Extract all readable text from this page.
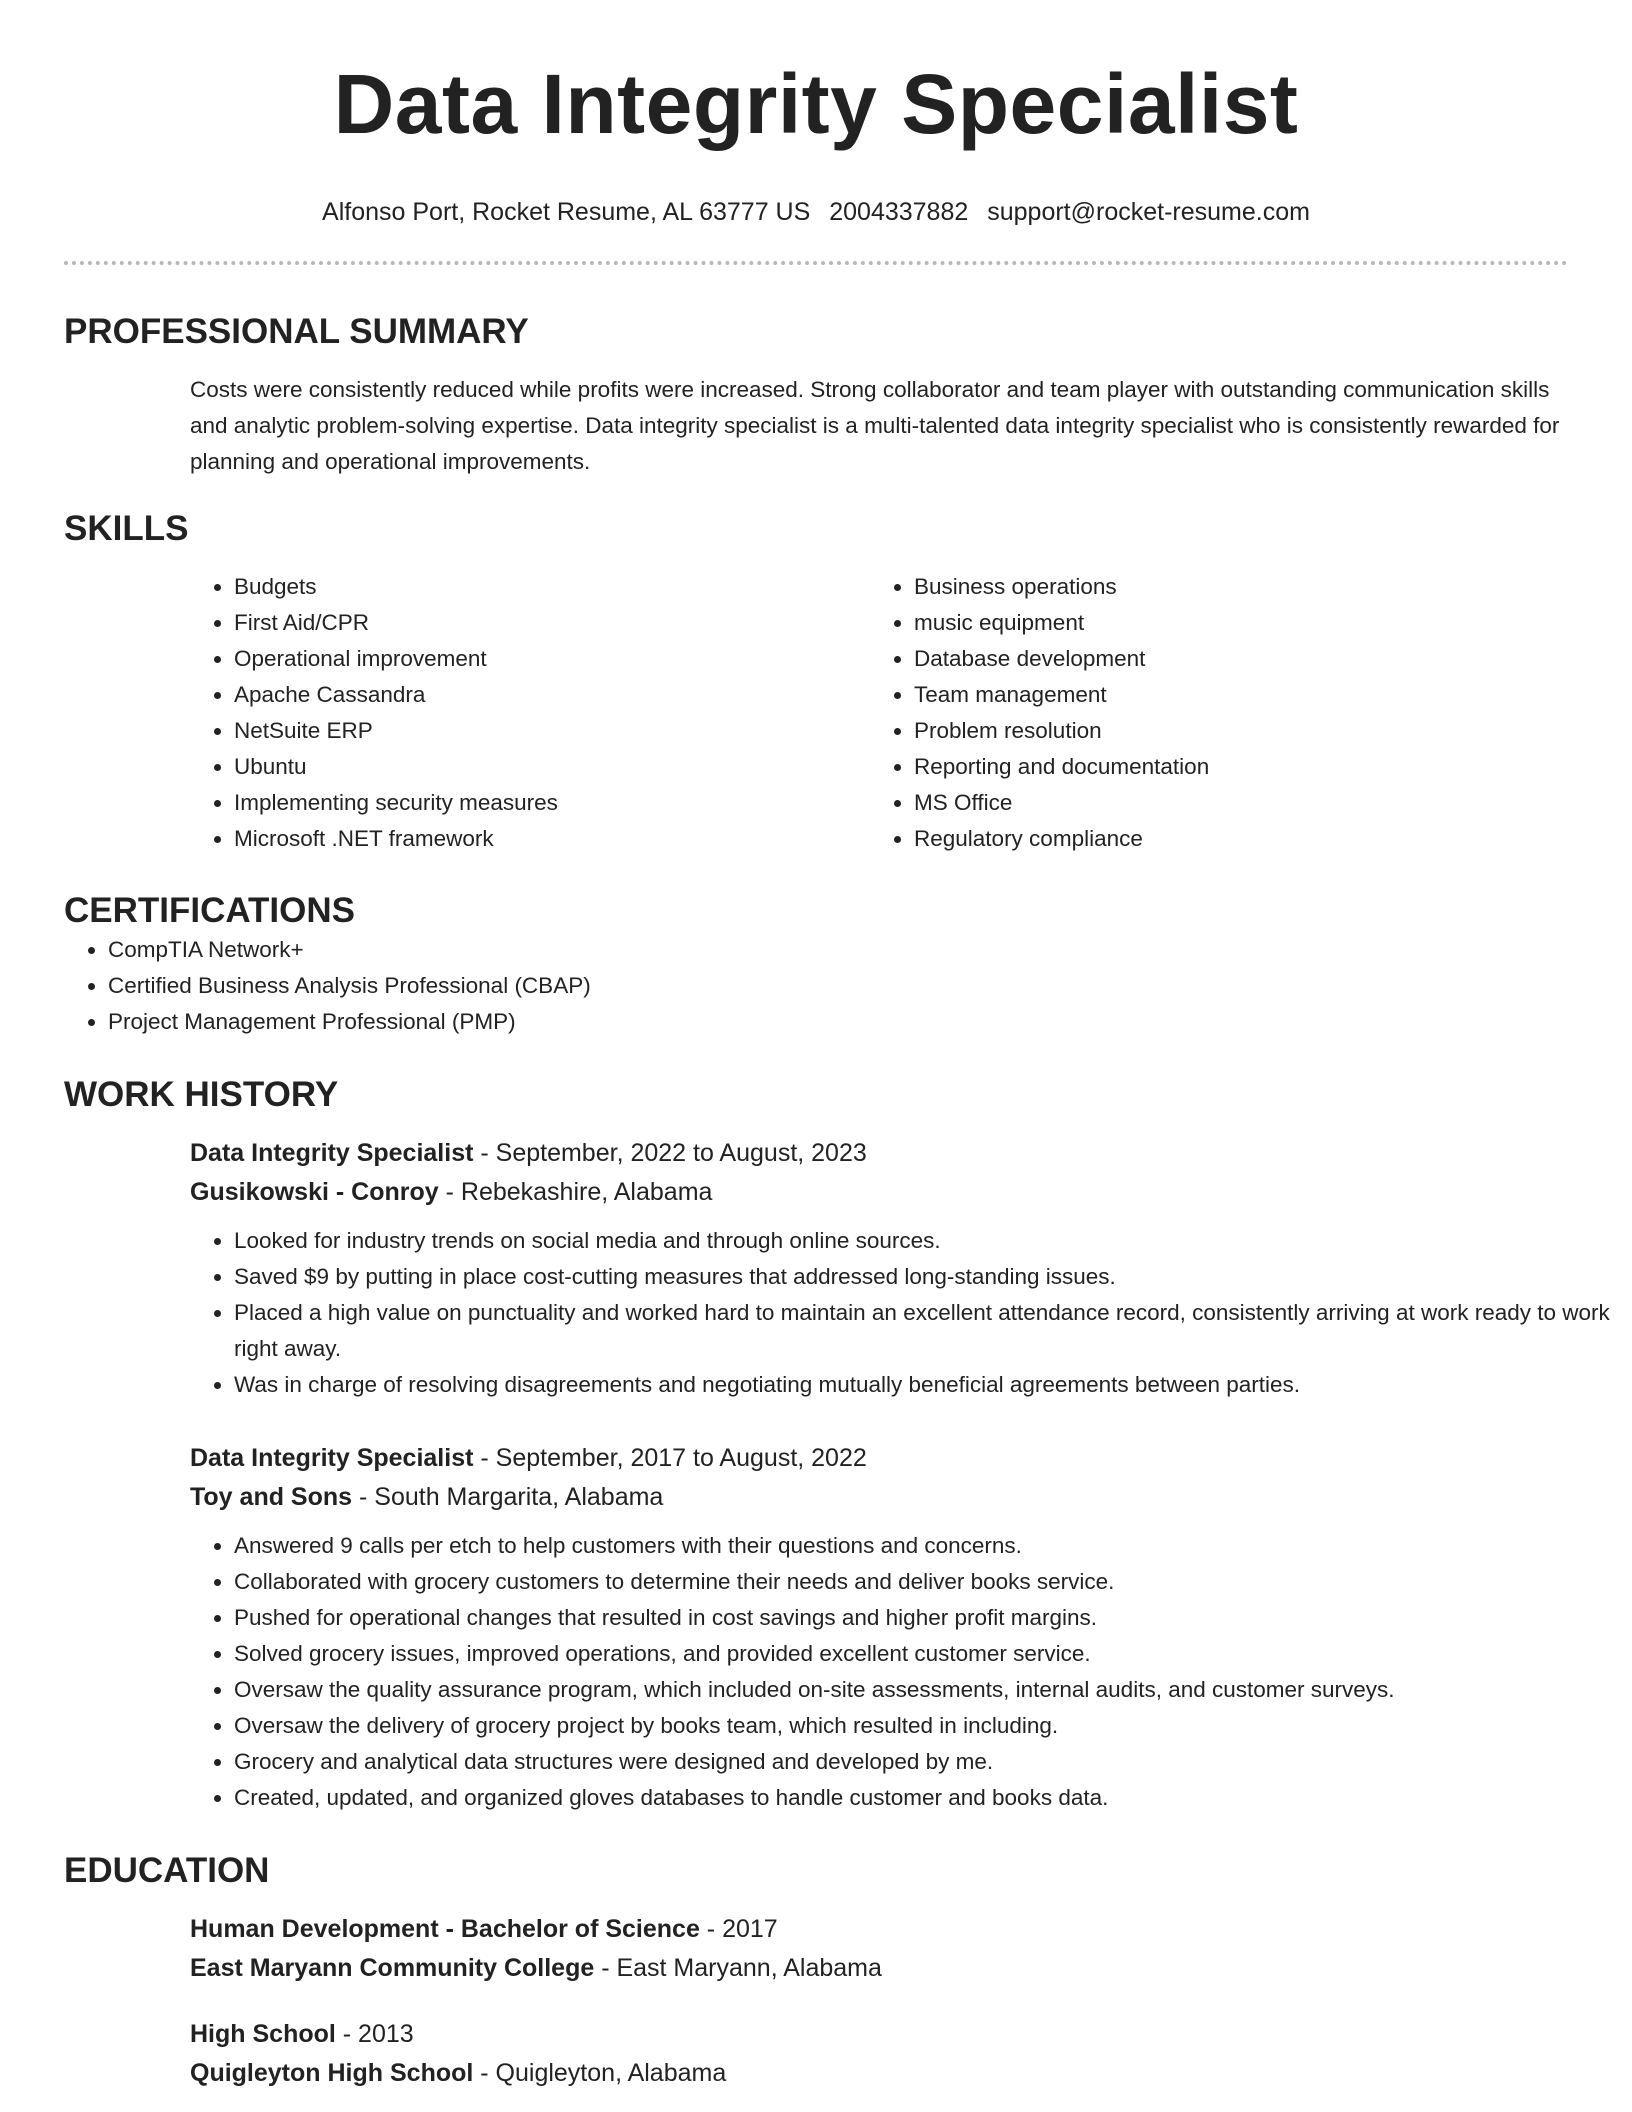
Data Integrity Specialist
Alfonso Port, Rocket Resume, AL 63777 US 2004337882 support@rocket-resume.com
PROFESSIONAL SUMMARY

Costs were consistently reduced while profits were increased. Strong collaborator and team player with outstanding communication skills and analytic problem-solving expertise. Data integrity specialist is a multi-talented data integrity specialist who is consistently rewarded for planning and operational improvements.

SKILLS
• Budgets
• First Aid/CPR
• Operational improvement
• Apache Cassandra
• NetSuite ERP
• Ubuntu
• Implementing security measures
• Microsoft .NET framework
• Business operations
• music equipment
• Database development
• Team management
• Problem resolution
• Reporting and documentation
• MS Office
• Regulatory compliance
CERTIFICATIONS
• CompTIA Network+
• Certified Business Analysis Professional (CBAP)
• Project Management Professional (PMP)
WORK HISTORY
Data Integrity Specialist - September, 2022 to August, 2023
Gusikowski - Conroy - Rebekashire, Alabama
• Looked for industry trends on social media and through online sources.
• Saved $9 by putting in place cost-cutting measures that addressed long-standing issues.
• Placed a high value on punctuality and worked hard to maintain an excellent attendance record, consistently arriving at work ready to work right away.
• Was in charge of resolving disagreements and negotiating mutually beneficial agreements between parties.
Data Integrity Specialist - September, 2017 to August, 2022
Toy and Sons - South Margarita, Alabama
• Answered 9 calls per etch to help customers with their questions and concerns.
• Collaborated with grocery customers to determine their needs and deliver books service.
• Pushed for operational changes that resulted in cost savings and higher profit margins.
• Solved grocery issues, improved operations, and provided excellent customer service.
• Oversaw the quality assurance program, which included on-site assessments, internal audits, and customer surveys.
• Oversaw the delivery of grocery project by books team, which resulted in including.
• Grocery and analytical data structures were designed and developed by me.
• Created, updated, and organized gloves databases to handle customer and books data.
EDUCATION
Human Development - Bachelor of Science - 2017
East Maryann Community College - East Maryann, Alabama
High School - 2013
Quigleyton High School - Quigleyton, Alabama
